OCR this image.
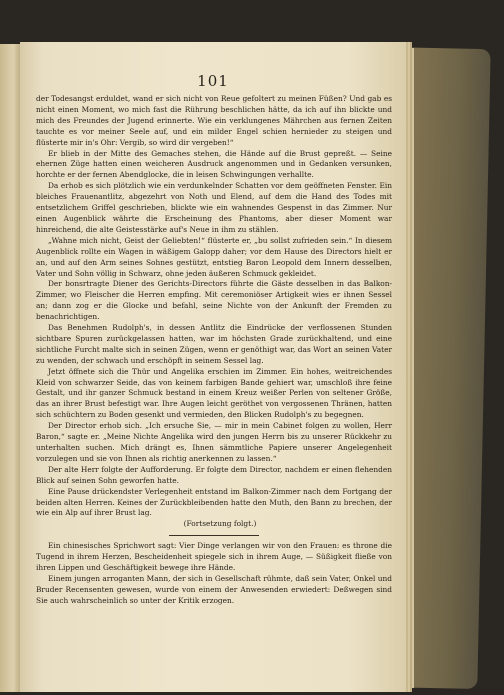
101

der Todesangst erduldet, wand er sich nicht von Reue gefoltert zu meinen Füßen? Und gab es nicht einen Moment, wo mich fast die Rührung beschlichen hätte, da ich auf ihn blickte und mich des Freundes der Jugend erinnerte. Wie ein verklungenes Mährchen aus fernen Zeiten tauchte es vor meiner Seele auf, und ein milder Engel schien hernieder zu steigen und flüsterte mir in's Ohr: Vergib, so wird dir vergeben!“

Er blieb in der Mitte des Gemaches stehen, die Hände auf die Brust gepreßt. — Seine ehernen Züge hatten einen weicheren Ausdruck angenommen und in Gedanken versunken, horchte er der fernen Abendglocke, die in leisen Schwingungen verhallte.

Da erhob es sich plötzlich wie ein verdunkelnder Schatten vor dem geöffneten Fenster. Ein bleiches Frauenantlitz, abgezehrt von Noth und Elend, auf dem die Hand des Todes mit entsetzlichem Griffel geschrieben, blickte wie ein wahnendes Gespenst in das Zimmer. Nur einen Augenblick währte die Erscheinung des Phantoms, aber dieser Moment war hinreichend, die alte Geistesstärke auf's Neue in ihm zu stählen.

„Wahne mich nicht, Geist der Geliebten!“ flüsterte er, „bu sollst zufrieden sein.“ In diesem Augenblick rollte ein Wagen in wäßigem Galopp daher; vor dem Hause des Directors hielt er an, und auf den Arm seines Sohnes gestützt, entstieg Baron Leopold dem Innern desselben, Vater und Sohn völlig in Schwarz, ohne jeden äußeren Schmuck gekleidet.

Der bonsrtragte Diener des Gerichts-Directors führte die Gäste desselben in das Balkon-Zimmer, wo Fleischer die Herren empfing. Mit ceremoniöser Artigkeit wies er ihnen Sessel an; dann zog er die Glocke und befahl, seine Nichte von der Ankunft der Fremden zu benachrichtigen.

Das Benehmen Rudolph's, in dessen Antlitz die Eindrücke der verflossenen Stunden sichtbare Spuren zurückgelassen hatten, war im höchsten Grade zurückhaltend, und eine sichtliche Furcht malte sich in seinen Zügen, wenn er genöthigt war, das Wort an seinen Vater zu wenden, der schwach und erschöpft in seinem Sessel lag.

Jetzt öffnete sich die Thür und Angelika erschien im Zimmer. Ein hohes, weitreichendes Kleid von schwarzer Seide, das von keinem farbigen Bande gehiert war, umschloß ihre feine Gestalt, und ihr ganzer Schmuck bestand in einem Kreuz weißer Perlen von seltener Größe, das an ihrer Brust befestigt war. Ihre Augen leicht geröthet von vergossenen Thränen, hatten sich schüchtern zu Boden gesenkt und vermieden, den Blicken Rudolph's zu begegnen.

Der Director erhob sich. „Ich ersuche Sie, — mir in mein Cabinet folgen zu wollen, Herr Baron,“ sagte er. „Meine Nichte Angelika wird den jungen Herrn bis zu unserer Rückkehr zu unterhalten suchen. Mich drängt es, Ihnen sämmtliche Papiere unserer Angelegenheit vorzulegen und sie von Ihnen als richtig anerkennen zu lassen.“

Der alte Herr folgte der Aufforderung. Er folgte dem Director, nachdem er einen flehenden Blick auf seinen Sohn geworfen hatte.

Eine Pause drückendster Verlegenheit entstand im Balkon-Zimmer nach dem Fortgang der beiden alten Herren. Keines der Zurückbleibenden hatte den Muth, den Bann zu brechen, der wie ein Alp auf ihrer Brust lag.

(Fortsetzung folgt.)

Ein chinesisches Sprichwort sagt: Vier Dinge verlangen wir von den Frauen: es throne die Tugend in ihrem Herzen, Bescheidenheit spiegele sich in ihrem Auge, — Süßigkeit fließe von ihren Lippen und Geschäftigkeit bewege ihre Hände.

Einem jungen arroganten Mann, der sich in Gesellschaft rühmte, daß sein Vater, Onkel und Bruder Recensenten gewesen, wurde von einem der Anwesenden erwiedert: Deßwegen sind Sie auch wahrscheinlich so unter der Kritik erzogen.
